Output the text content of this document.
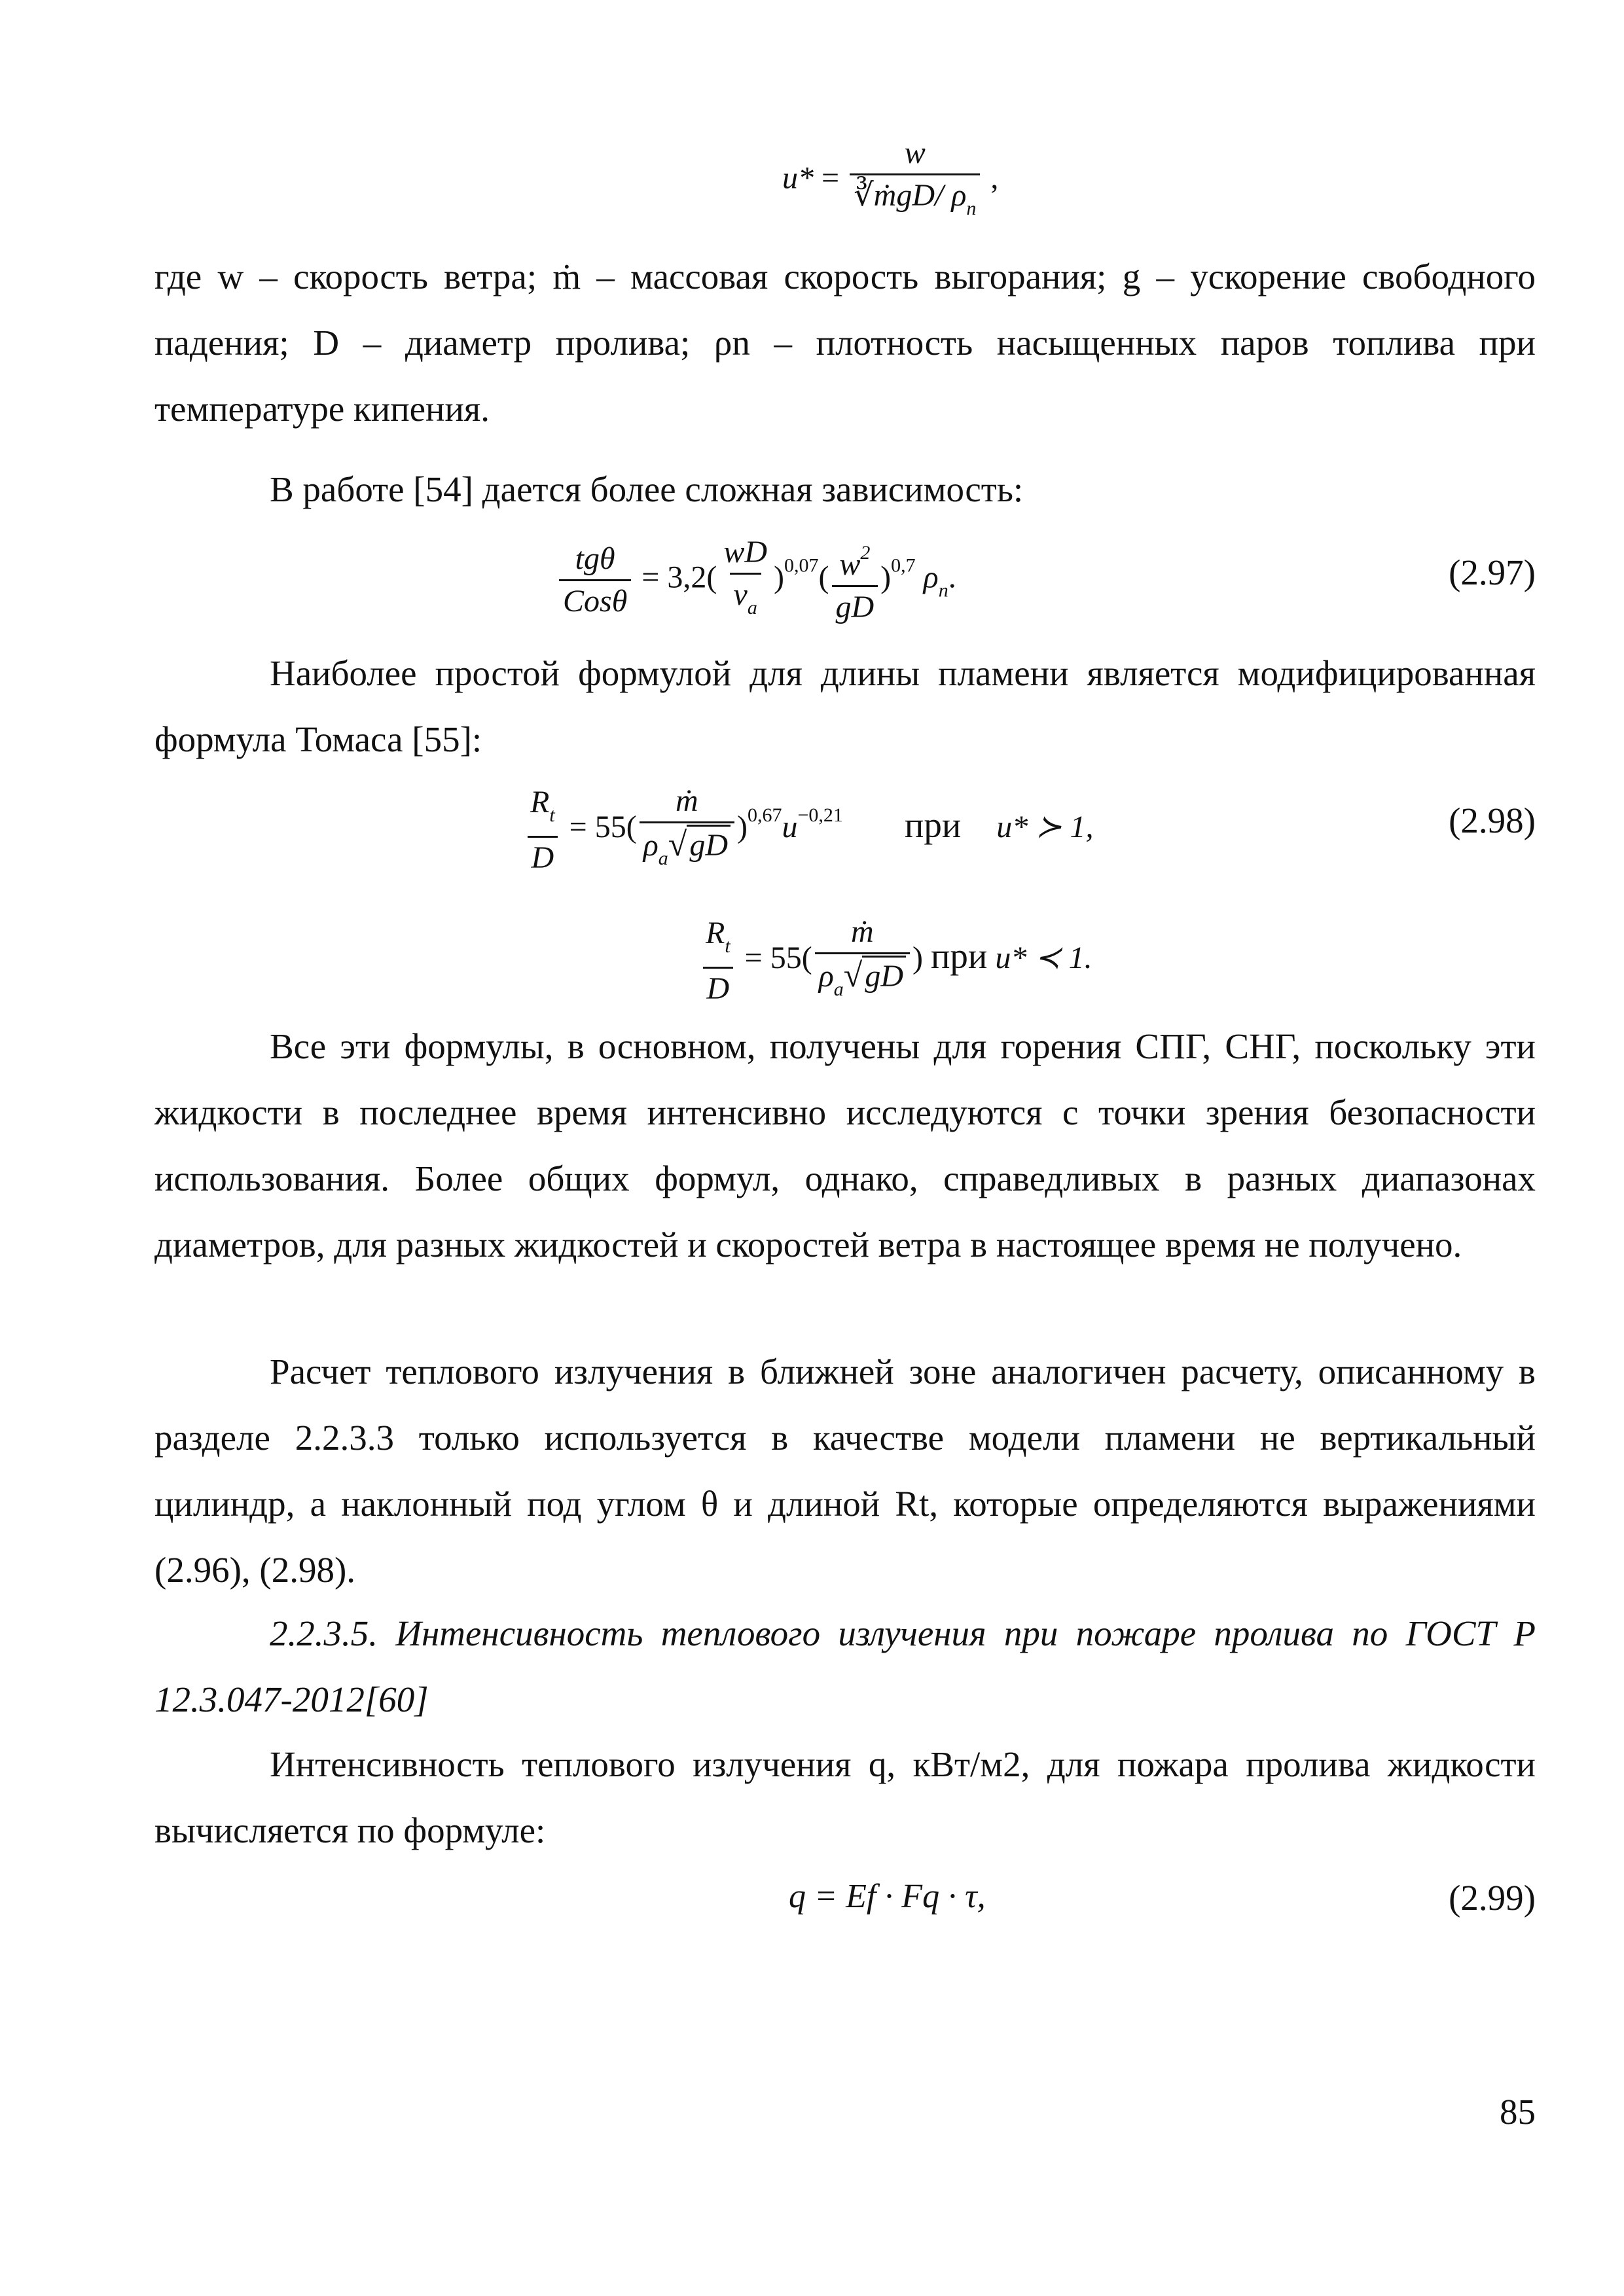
$u* = \frac{w}{∛ṁgD/ \rho_n}$ ,

где w – скорость ветра; ṁ – массовая скорость выгорания; g – ускорение свободного падения; D – диаметр пролива; ρn – плотность насыщенных паров топлива при температуре кипения.

В работе [54] дается более сложная зависимость:

$\frac{\text{tgθ}}{\text{Cosθ}} = 3,2( \frac{wD}{\nu_a} )^{0,07}( \frac{w^2}{gD} )^{0,7}$ $\rho_n$.	(2.97)

Наиболее простой формулой для длины пламени является модифицированная формула Томаса [55]:

$\frac{R_t}{D} = 55( \frac{\text{ṁ}}{\rho_a√gD} )^{0,67}u^{-0,21}$ при u* ≻ 1,	(2.98)
$\frac{R_t}{D} = 55( \frac{\text{ṁ}}{\rho_a√gD}$ ) при u* ≺ 1.

Все эти формулы, в основном, получены для горения СПГ, СНГ, поскольку эти жидкости в последнее время интенсивно исследуются с точки зрения безопасности использования. Более общих формул, однако, справедливых в разных диапазонах диаметров, для разных жидкостей и скоростей ветра в настоящее время не получено.

Расчет теплового излучения в ближней зоне аналогичен расчету, описанному в разделе 2.2.3.3 только используется в качестве модели пламени не вертикальный цилиндр, а наклонный под углом θ и длиной Rt, которые определяются выражениями (2.96), (2.98).

2.2.3.5. Интенсивность теплового излучения при пожаре пролива по ГОСТ Р 12.3.047-2012[60]

Интенсивность теплового излучения q, кВт/м2, для пожара пролива жидкости вычисляется по формуле:

q = Ef · Fq · τ,	(2.99)
85
